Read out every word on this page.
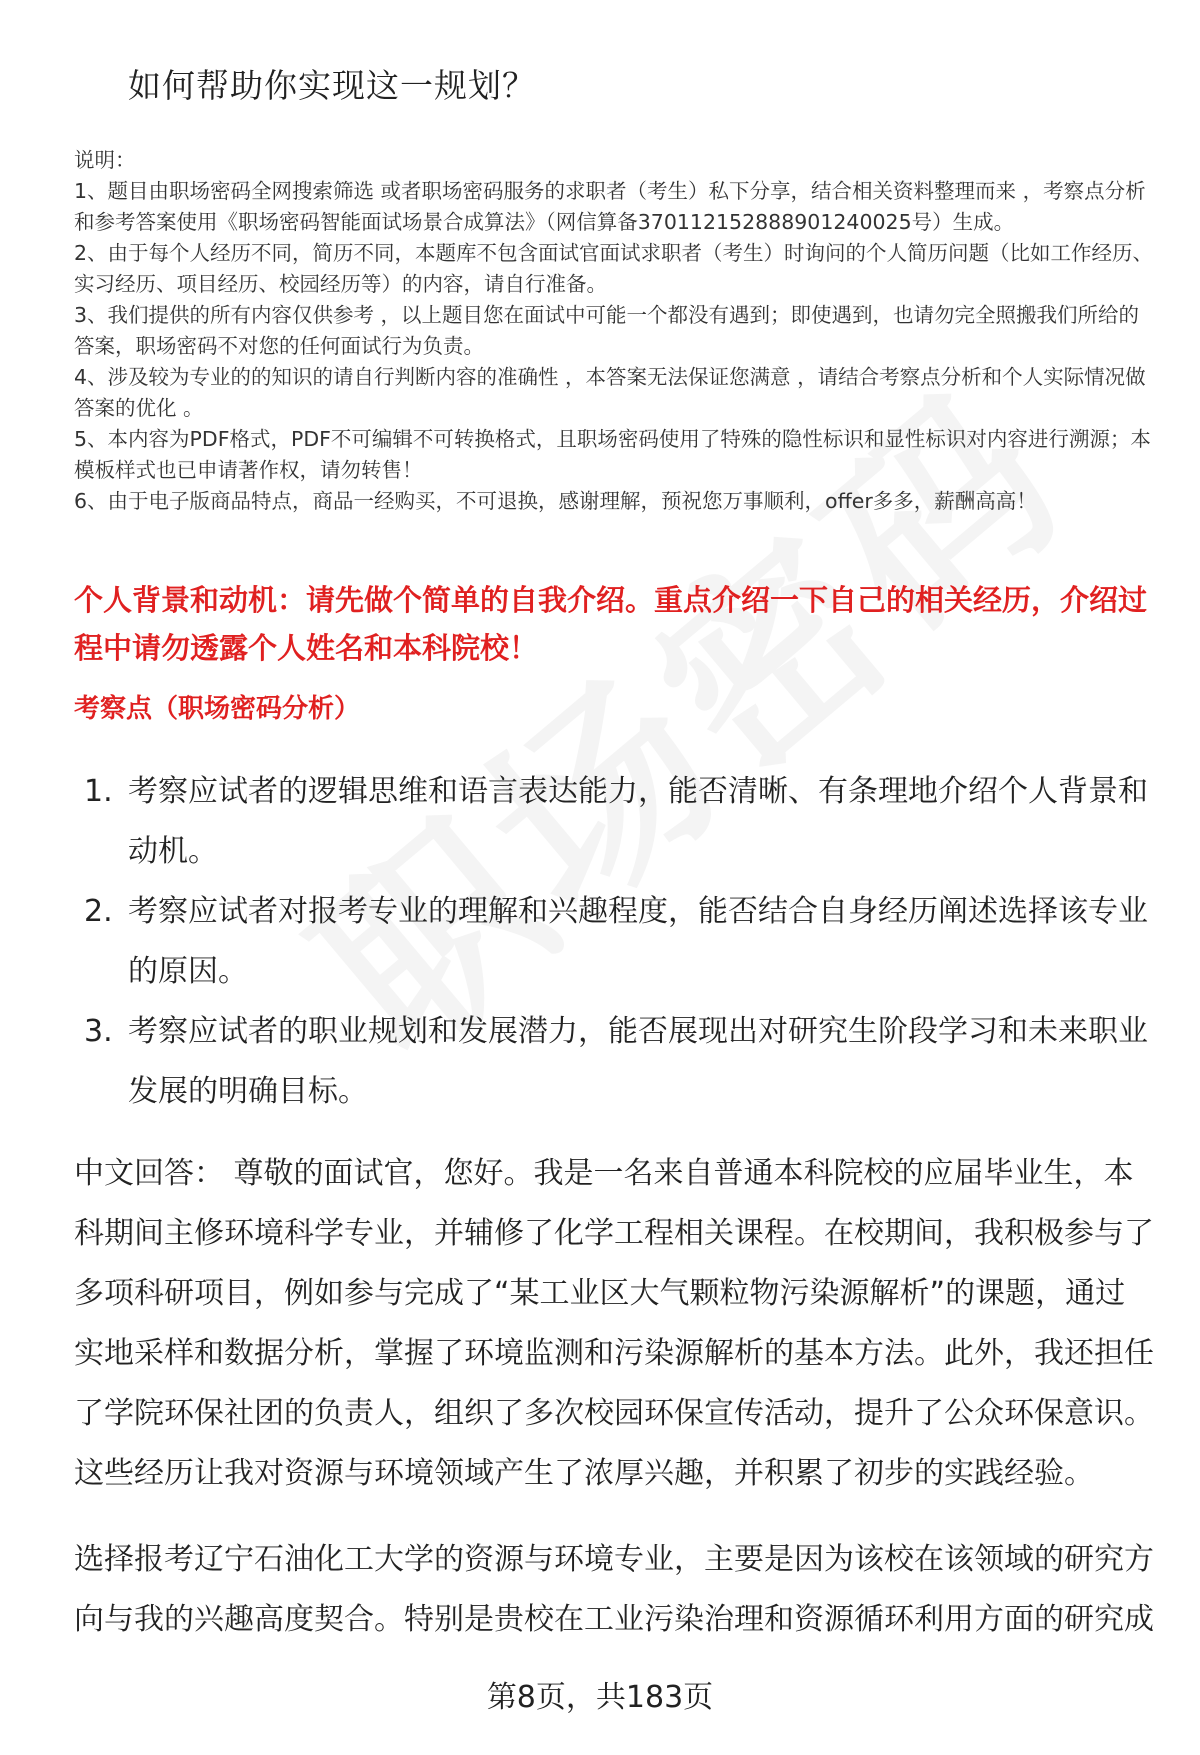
如何帮助你实现这一规划？

说明：

1、题目由职场密码全网搜索筛选 或者职场密码服务的求职者（考生）私下分享，结合相关资料整理而来 ，考察点分析和参考答案使用《职场密码智能面试场景合成算法》（网信算备370112152888901240025号）生成。

2、由于每个人经历不同，简历不同，本题库不包含面试官面试求职者（考生）时询问的个人简历问题（比如工作经历、实习经历、项目经历、校园经历等）的内容，请自行准备。

3、我们提供的所有内容仅供参考 ，以上题目您在面试中可能一个都没有遇到；即使遇到，也请勿完全照搬我们所给的答案，职场密码不对您的任何面试行为负责。

4、涉及较为专业的的知识的请自行判断内容的准确性 ，本答案无法保证您满意 ，请结合考察点分析和个人实际情况做答案的优化 。

5、本内容为PDF格式，PDF不可编辑不可转换格式，且职场密码使用了特殊的隐性标识和显性标识对内容进行溯源；本模板样式也已申请著作权，请勿转售！

6、由于电子版商品特点，商品一经购买，不可退换，感谢理解，预祝您万事顺利，offer多多，薪酬高高！

个人背景和动机：请先做个简单的自我介绍。重点介绍一下自己的相关经历，介绍过程中请勿透露个人姓名和本科院校！
考察点（职场密码分析）
1. 考察应试者的逻辑思维和语言表达能力，能否清晰、有条理地介绍个人背景和动机。
2. 考察应试者对报考专业的理解和兴趣程度，能否结合自身经历阐述选择该专业的原因。
3. 考察应试者的职业规划和发展潜力，能否展现出对研究生阶段学习和未来职业发展的明确目标。

中文回答： 尊敬的面试官，您好。我是一名来自普通本科院校的应届毕业生，本科期间主修环境科学专业，并辅修了化学工程相关课程。在校期间，我积极参与了多项科研项目，例如参与完成了“某工业区大气颗粒物污染源解析”的课题，通过实地采样和数据分析，掌握了环境监测和污染源解析的基本方法。此外，我还担任了学院环保社团的负责人，组织了多次校园环保宣传活动，提升了公众环保意识。这些经历让我对资源与环境领域产生了浓厚兴趣，并积累了初步的实践经验。

选择报考辽宁石油化工大学的资源与环境专业，主要是因为该校在该领域的研究方向与我的兴趣高度契合。特别是贵校在工业污染治理和资源循环利用方面的研究成

第8页，共183页
